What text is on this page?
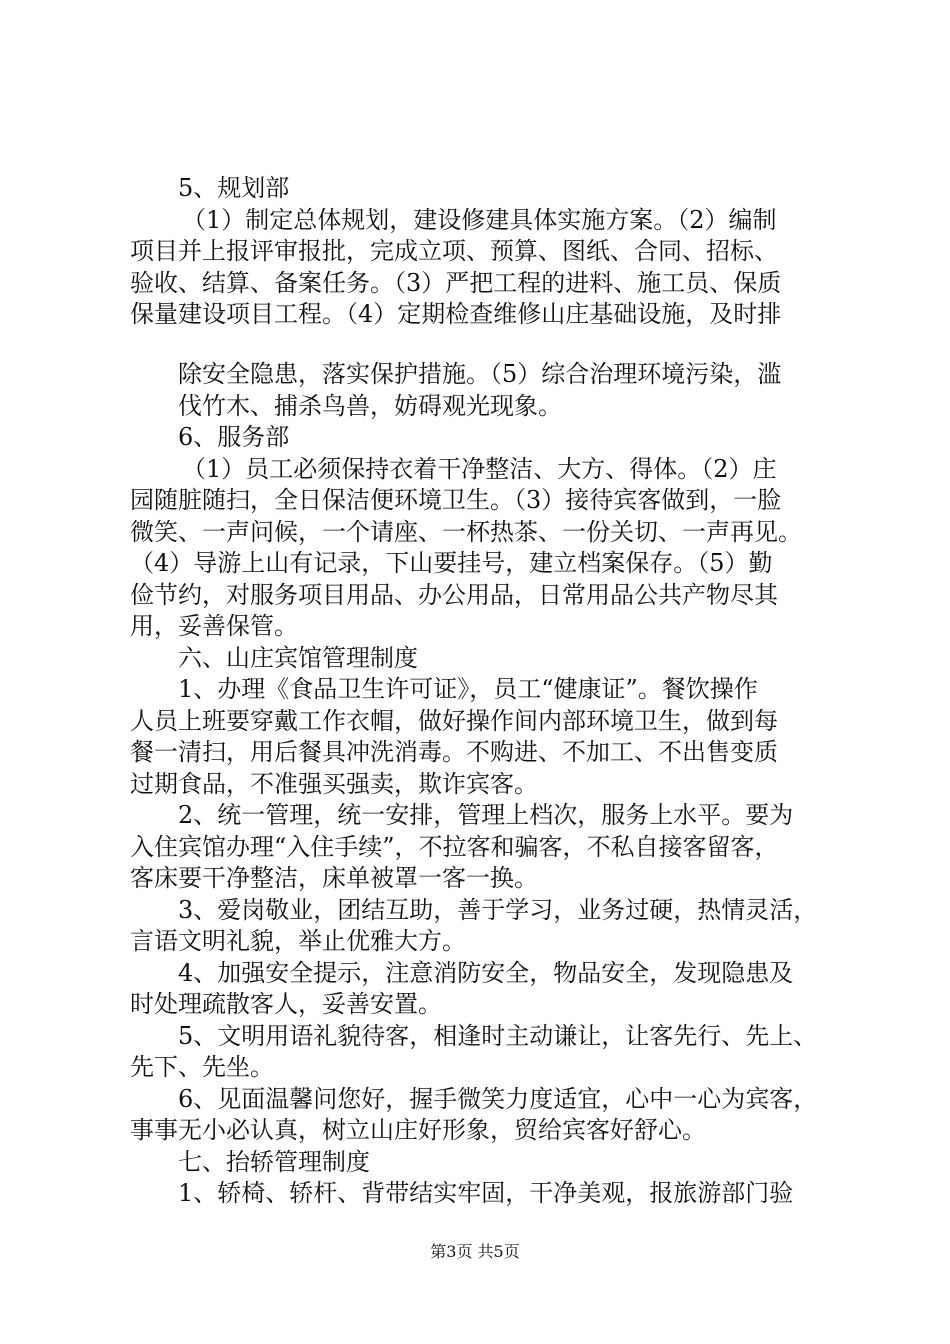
5、规划部
（1）制定总体规划，建设修建具体实施方案。（2）编制
项目并上报评审报批，完成立项、预算、图纸、合同、招标、
验收、结算、备案任务。（3）严把工程的进料、施工员、保质
保量建设项目工程。（4）定期检查维修山庄基础设施，及时排
除安全隐患，落实保护措施。（5）综合治理环境污染，滥
伐竹木、捕杀鸟兽，妨碍观光现象。
6、服务部
（1）员工必须保持衣着干净整洁、大方、得体。（2）庄
园随脏随扫，全日保洁便环境卫生。（3）接待宾客做到，一脸
微笑、一声问候，一个请座、一杯热茶、一份关切、一声再见。
（4）导游上山有记录，下山要挂号，建立档案保存。（5）勤
俭节约，对服务项目用品、办公用品，日常用品公共产物尽其
用，妥善保管。
六、山庄宾馆管理制度
1、办理《食品卫生许可证》，员工“健康证”。餐饮操作
人员上班要穿戴工作衣帽，做好操作间内部环境卫生，做到每
餐一清扫，用后餐具冲洗消毒。不购进、不加工、不出售变质
过期食品，不准强买强卖，欺诈宾客。
2、统一管理，统一安排，管理上档次，服务上水平。要为
入住宾馆办理“入住手续”，不拉客和骗客，不私自接客留客，
客床要干净整洁，床单被罩一客一换。
3、爱岗敬业，团结互助，善于学习，业务过硬，热情灵活，
言语文明礼貌，举止优雅大方。
4、加强安全提示，注意消防安全，物品安全，发现隐患及
时处理疏散客人，妥善安置。
5、文明用语礼貌待客，相逢时主动谦让，让客先行、先上、
先下、先坐。
6、见面温馨问您好，握手微笑力度适宜，心中一心为宾客，
事事无小必认真，树立山庄好形象，贸给宾客好舒心。
七、抬轿管理制度
1、轿椅、轿杆、背带结实牢固，干净美观，报旅游部门验
第3页 共5页
